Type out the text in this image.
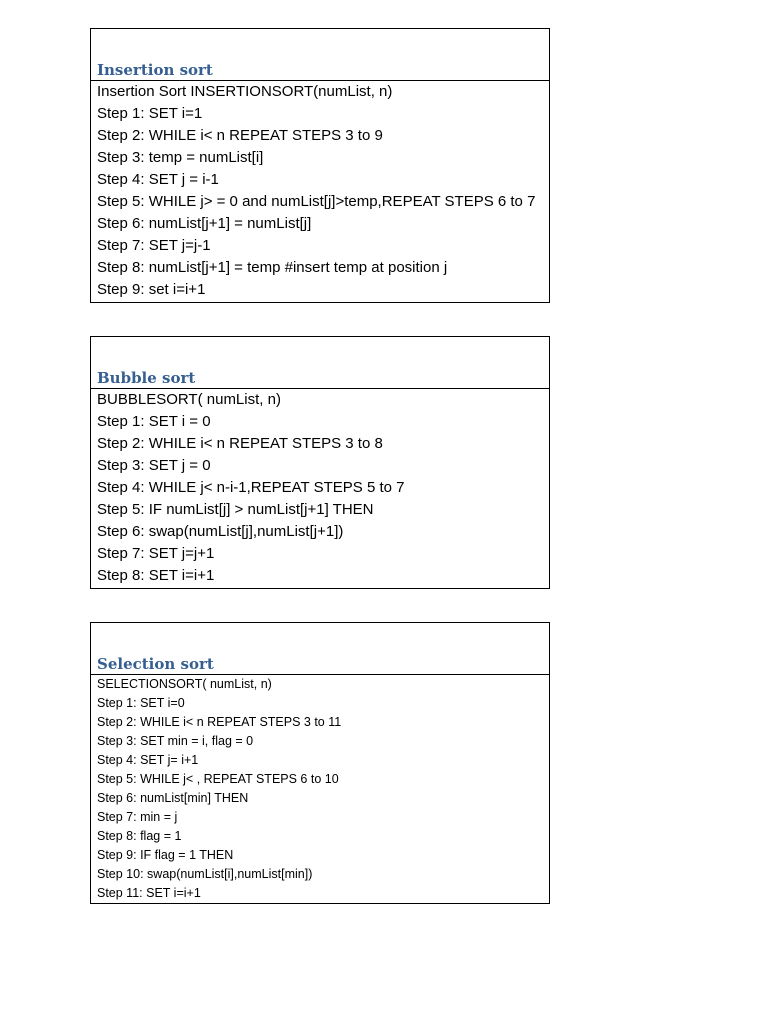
Insertion sort
Insertion Sort INSERTIONSORT(numList, n)
Step 1: SET i=1
Step 2: WHILE i< n REPEAT STEPS 3 to 9
Step 3: temp = numList[i]
Step 4: SET j = i-1
Step 5: WHILE j> = 0 and numList[j]>temp,REPEAT STEPS 6 to 7
Step 6: numList[j+1] = numList[j]
Step 7: SET j=j-1
Step 8: numList[j+1] = temp #insert temp at position j
Step 9: set i=i+1
Bubble sort
BUBBLESORT( numList, n)
Step 1: SET i = 0
Step 2: WHILE i< n REPEAT STEPS 3 to 8
Step 3: SET j = 0
Step 4: WHILE j< n-i-1,REPEAT STEPS 5 to 7
Step 5: IF numList[j] > numList[j+1] THEN
Step 6: swap(numList[j],numList[j+1])
Step 7: SET j=j+1
Step 8: SET i=i+1
Selection sort
SELECTIONSORT( numList, n)
Step 1: SET i=0
Step 2: WHILE i< n REPEAT STEPS 3 to 11
Step 3: SET min = i, flag = 0
Step 4: SET j= i+1
Step 5: WHILE j< , REPEAT STEPS 6 to 10
Step 6: numList[min] THEN
Step 7: min = j
Step 8: flag = 1
Step 9: IF flag = 1 THEN
Step 10: swap(numList[i],numList[min])
Step 11: SET i=i+1
